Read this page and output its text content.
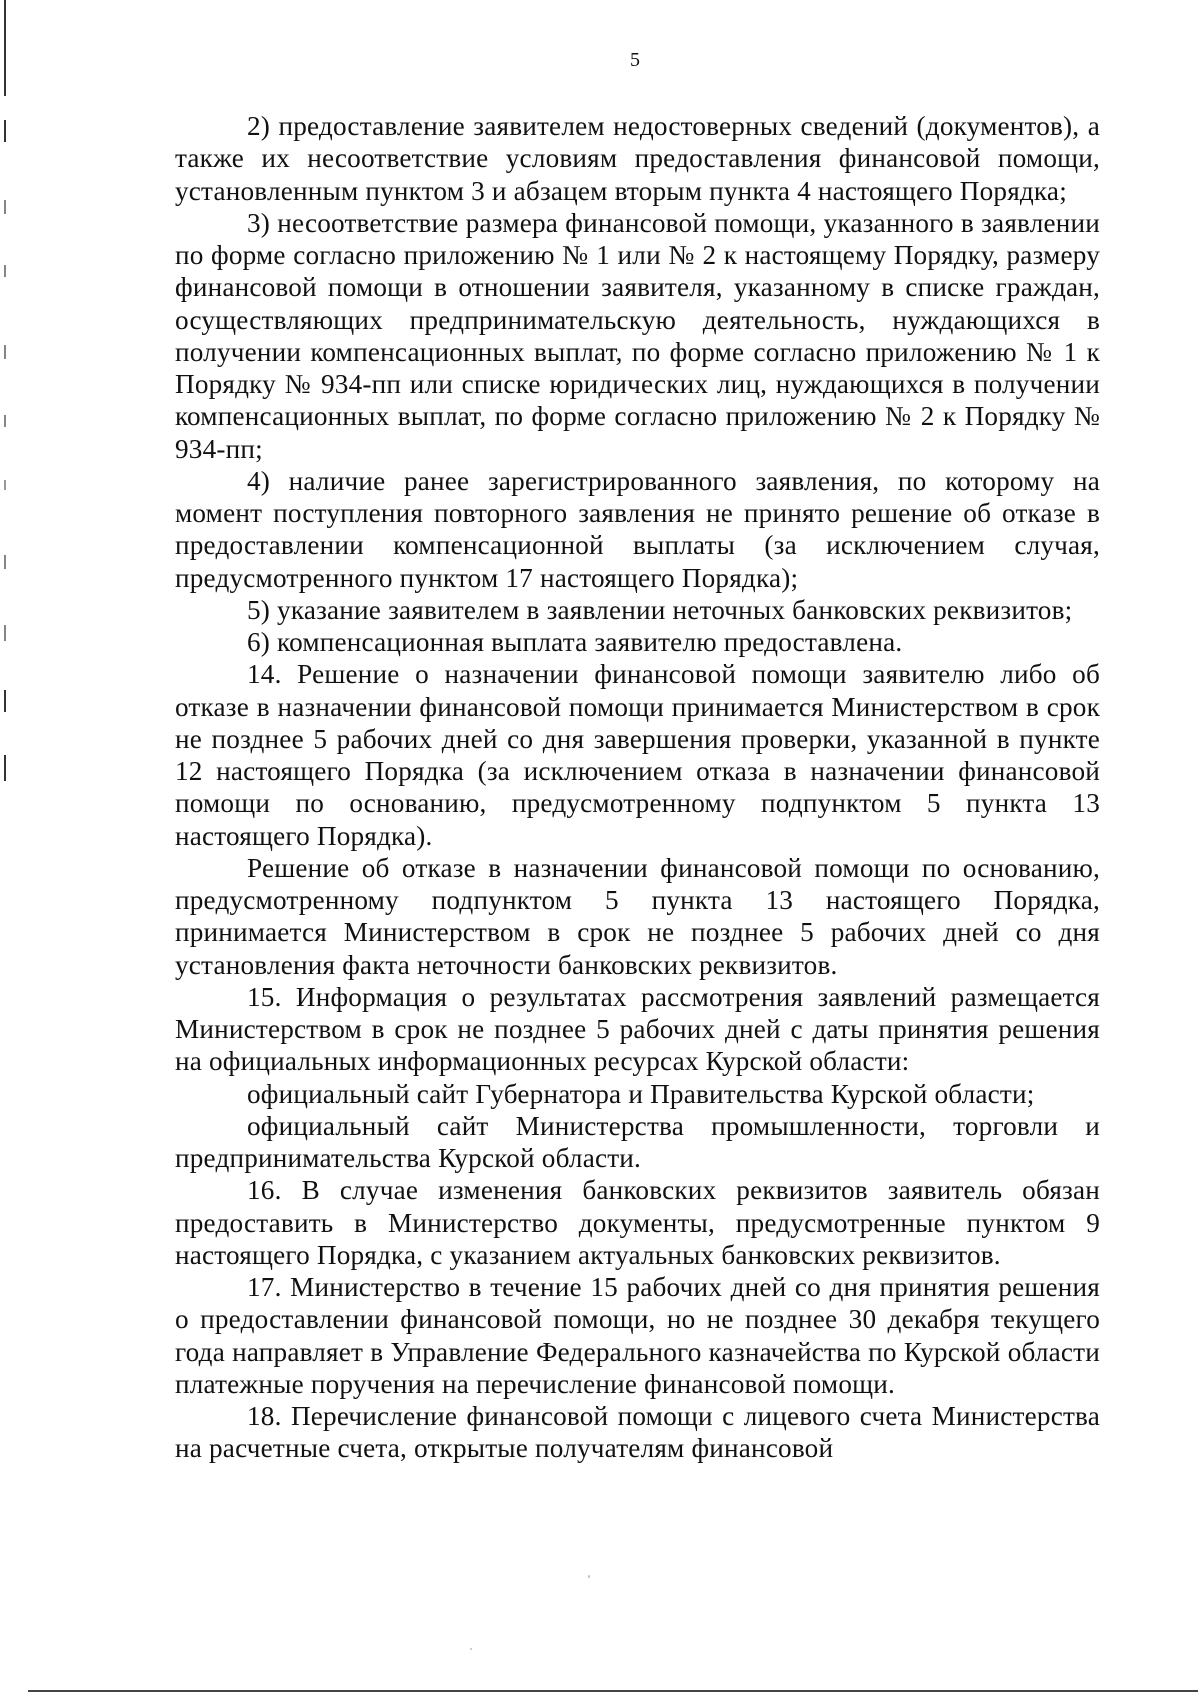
5

2) предоставление заявителем недостоверных сведений (документов), а также их несоответствие условиям предоставления финансовой помощи, установленным пунктом 3 и абзацем вторым пункта 4 настоящего Порядка;

3) несоответствие размера финансовой помощи, указанного в заявлении по форме согласно приложению № 1 или № 2 к настоящему Порядку, размеру финансовой помощи в отношении заявителя, указанному в списке граждан, осуществляющих предпринимательскую деятельность, нуждающихся в получении компенсационных выплат, по форме согласно приложению № 1 к Порядку № 934-пп или списке юридических лиц, нуждающихся в получении компенсационных выплат, по форме согласно приложению № 2 к Порядку № 934-пп;

4) наличие ранее зарегистрированного заявления, по которому на момент поступления повторного заявления не принято решение об отказе в предоставлении компенсационной выплаты (за исключением случая, предусмотренного пунктом 17 настоящего Порядка);

5) указание заявителем в заявлении неточных банковских реквизитов;

6) компенсационная выплата заявителю предоставлена.

14. Решение о назначении финансовой помощи заявителю либо об отказе в назначении финансовой помощи принимается Министерством в срок не позднее 5 рабочих дней со дня завершения проверки, указанной в пункте 12 настоящего Порядка (за исключением отказа в назначении финансовой помощи по основанию, предусмотренному подпунктом 5 пункта 13 настоящего Порядка).

Решение об отказе в назначении финансовой помощи по основанию, предусмотренному подпунктом 5 пункта 13 настоящего Порядка, принимается Министерством в срок не позднее 5 рабочих дней со дня установления факта неточности банковских реквизитов.

15. Информация о результатах рассмотрения заявлений размещается Министерством в срок не позднее 5 рабочих дней с даты принятия решения на официальных информационных ресурсах Курской области:

официальный сайт Губернатора и Правительства Курской области;

официальный сайт Министерства промышленности, торговли и предпринимательства Курской области.

16. В случае изменения банковских реквизитов заявитель обязан предоставить в Министерство документы, предусмотренные пунктом 9 настоящего Порядка, с указанием актуальных банковских реквизитов.

17. Министерство в течение 15 рабочих дней со дня принятия решения о предоставлении финансовой помощи, но не позднее 30 декабря текущего года направляет в Управление Федерального казначейства по Курской области платежные поручения на перечисление финансовой помощи.

18. Перечисление финансовой помощи с лицевого счета Министерства на расчетные счета, открытые получателям финансовой
